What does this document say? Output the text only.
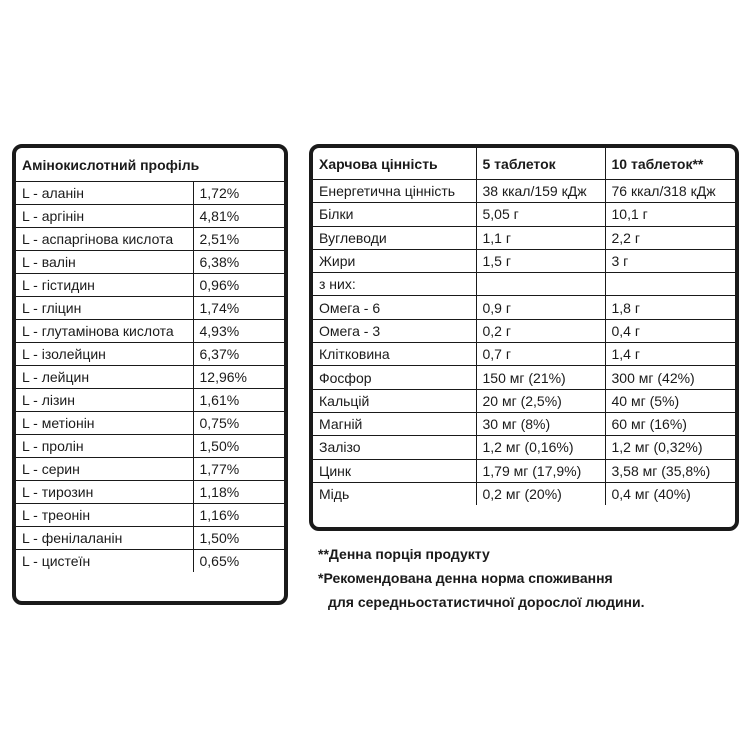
Амінокислотний профіль	
L - аланін	1,72%
L - аргінін	4,81%
L - аспаргінова кислота	2,51%
L - валін	6,38%
L - гістидин	0,96%
L - гліцин	1,74%
L - глутамінова кислота	4,93%
L - ізолейцин	6,37%
L - лейцин	12,96%
L - лізин	1,61%
L - метіонін	0,75%
L - пролін	1,50%
L - серин	1,77%
L - тирозин	1,18%
L - треонін	1,16%
L - фенілаланін	1,50%
L - цистеїн	0,65%
Харчова цінність	5 таблеток	10 таблеток**
Енергетична цінність	38 ккал/159 кДж	76 ккал/318 кДж
Білки	5,05 г	10,1 г
Вуглеводи	1,1 г	2,2 г
Жири	1,5 г	3 г
з них:		
Омега - 6	0,9 г	1,8 г
Омега - 3	0,2 г	0,4 г
Клітковина	0,7 г	1,4 г
Фосфор	150 мг (21%)	300 мг (42%)
Кальцій	20 мг (2,5%)	40 мг (5%)
Магній	30 мг (8%)	60 мг (16%)
Залізо	1,2 мг (0,16%)	1,2 мг (0,32%)
Цинк	1,79 мг (17,9%)	3,58 мг (35,8%)
Мідь	0,2 мг (20%)	0,4 мг (40%)
**Денна порція продукту
*Рекомендована денна норма споживання

для середньостатистичної дорослої людини.
